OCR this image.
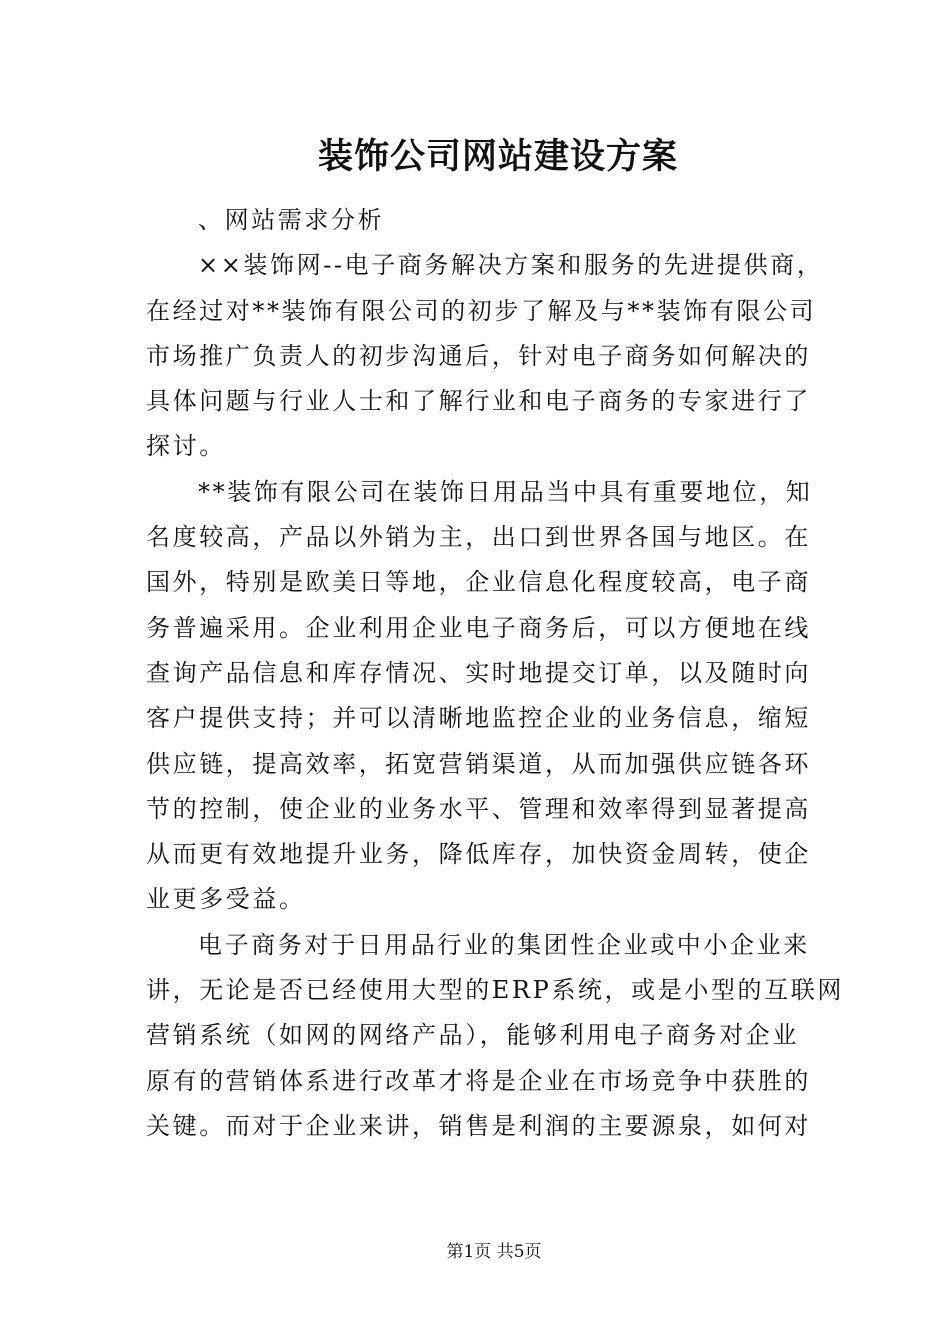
装饰公司网站建设方案
、网站需求分析
××装饰网--电子商务解决方案和服务的先进提供商，
在经过对**装饰有限公司的初步了解及与**装饰有限公司
市场推广负责人的初步沟通后，针对电子商务如何解决的
具体问题与行业人士和了解行业和电子商务的专家进行了
探讨。
**装饰有限公司在装饰日用品当中具有重要地位，知
名度较高，产品以外销为主，出口到世界各国与地区。在
国外，特别是欧美日等地，企业信息化程度较高，电子商
务普遍采用。企业利用企业电子商务后，可以方便地在线
查询产品信息和库存情况、实时地提交订单，以及随时向
客户提供支持；并可以清晰地监控企业的业务信息，缩短
供应链，提高效率，拓宽营销渠道，从而加强供应链各环
节的控制，使企业的业务水平、管理和效率得到显著提高
从而更有效地提升业务，降低库存，加快资金周转，使企
业更多受益。
电子商务对于日用品行业的集团性企业或中小企业来
讲，无论是否已经使用大型的ERP系统，或是小型的互联网
营销系统（如网的网络产品），能够利用电子商务对企业
原有的营销体系进行改革才将是企业在市场竞争中获胜的
关键。而对于企业来讲，销售是利润的主要源泉，如何对
第1页 共5页
